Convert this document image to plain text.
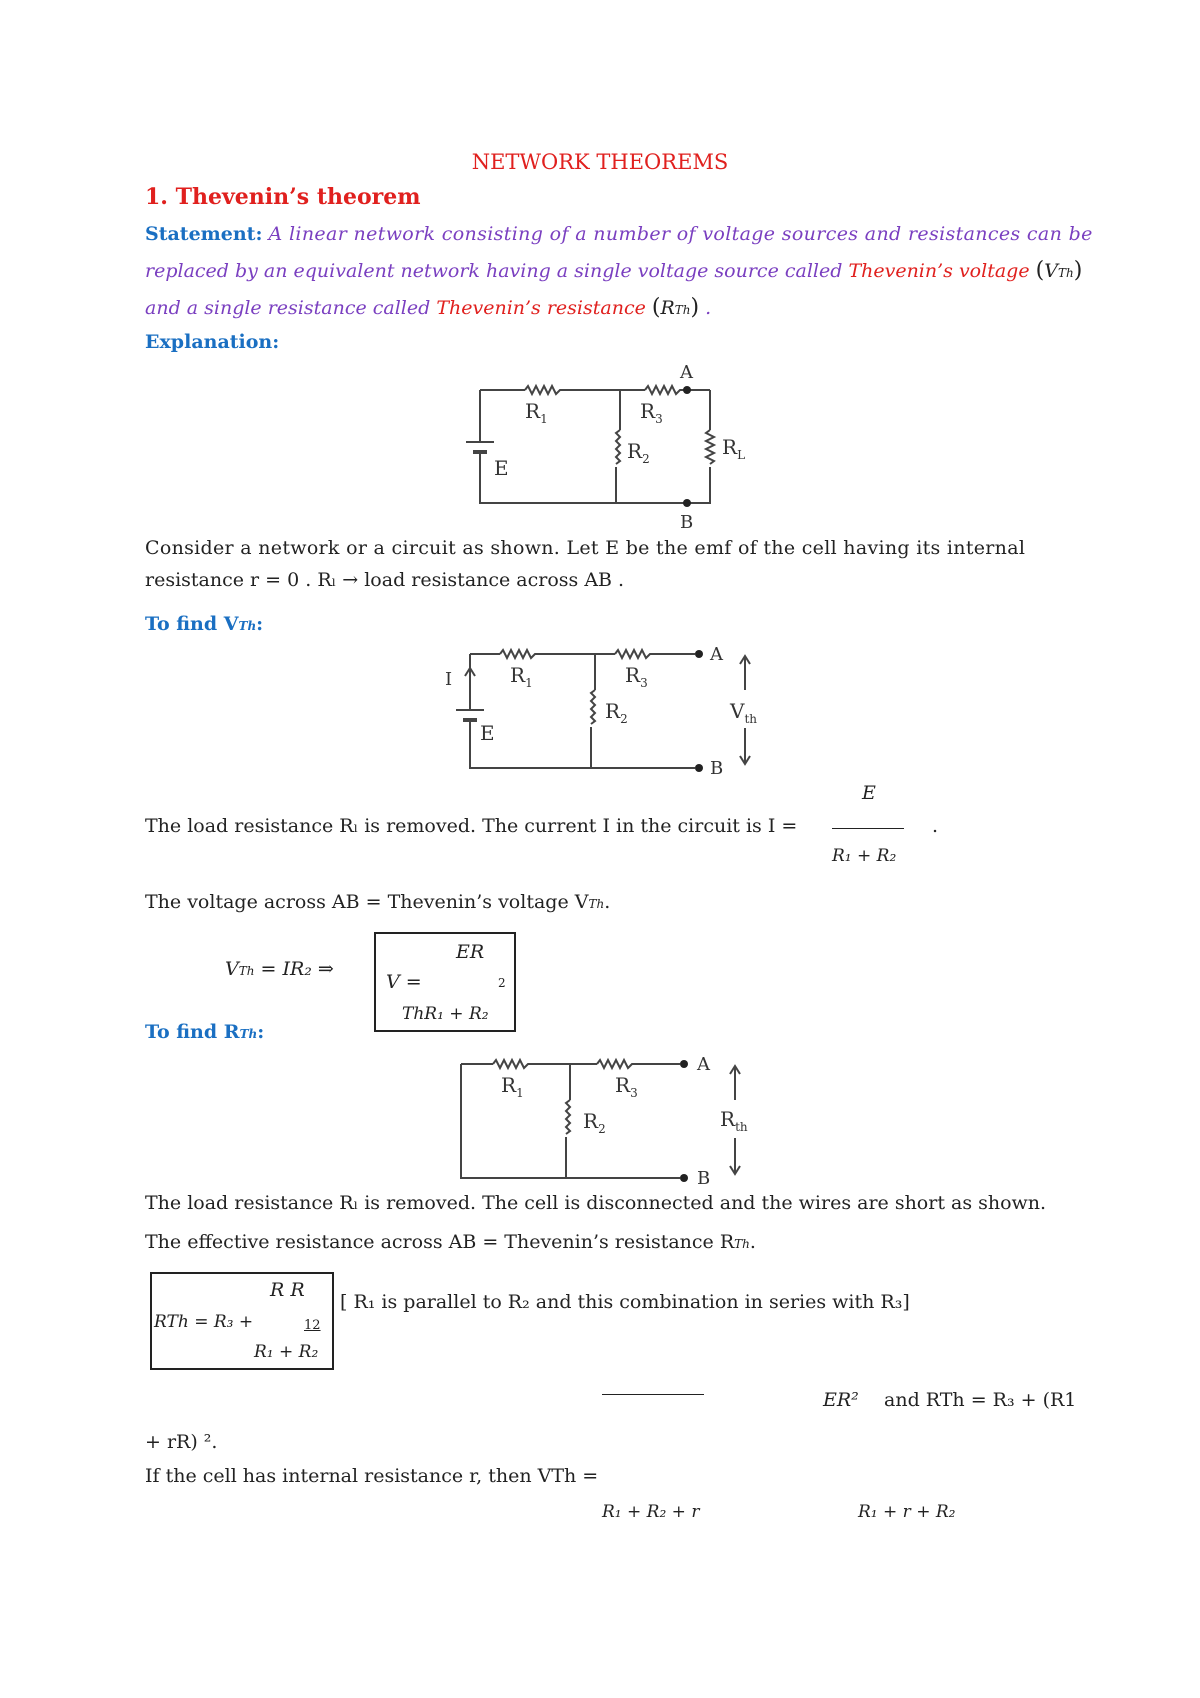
NETWORK THEOREMS
1. Thevenin’s theorem
Statement: A linear network consisting of a number of voltage sources and resistances can be
replaced by an equivalent network having a single voltage source called Thevenin’s voltage (VTh)
and a single resistance called Thevenin’s resistance (RTh) .
Explanation:
A
B
$R_1$	$R_3$
$R_2$	$R_L$
E
Consider a network or a circuit as shown. Let E be the emf of the cell having its internal
resistance r = 0 . Rₗ → load resistance across AB .
To find VTh:
A
B
I	$R_1$	$R_3$
$R_2$
E
$V_{th}$
E
The load resistance Rₗ is removed. The current I in the circuit is I =	.
R₁ + R₂
The voltage across AB = Thevenin’s voltage VTh.
VTh = IR₂ ⇒
ER
V =	2
ThR₁ + R₂
To find RTh:
A
B
$R_1$	$R_3$
$R_2$	$R_{th}$
The load resistance Rₗ is removed. The cell is disconnected and the wires are short as shown.
The effective resistance across AB = Thevenin’s resistance RTh.
R R
RTh = R₃ +	12
R₁ + R₂
[ R₁ is parallel to R₂ and this combination in series with R₃]
ER² and RTh = R₃ + (R1
+ rR) ².
If the cell has internal resistance r, then VTh =
R₁ + R₂ + r	R₁ + r + R₂
